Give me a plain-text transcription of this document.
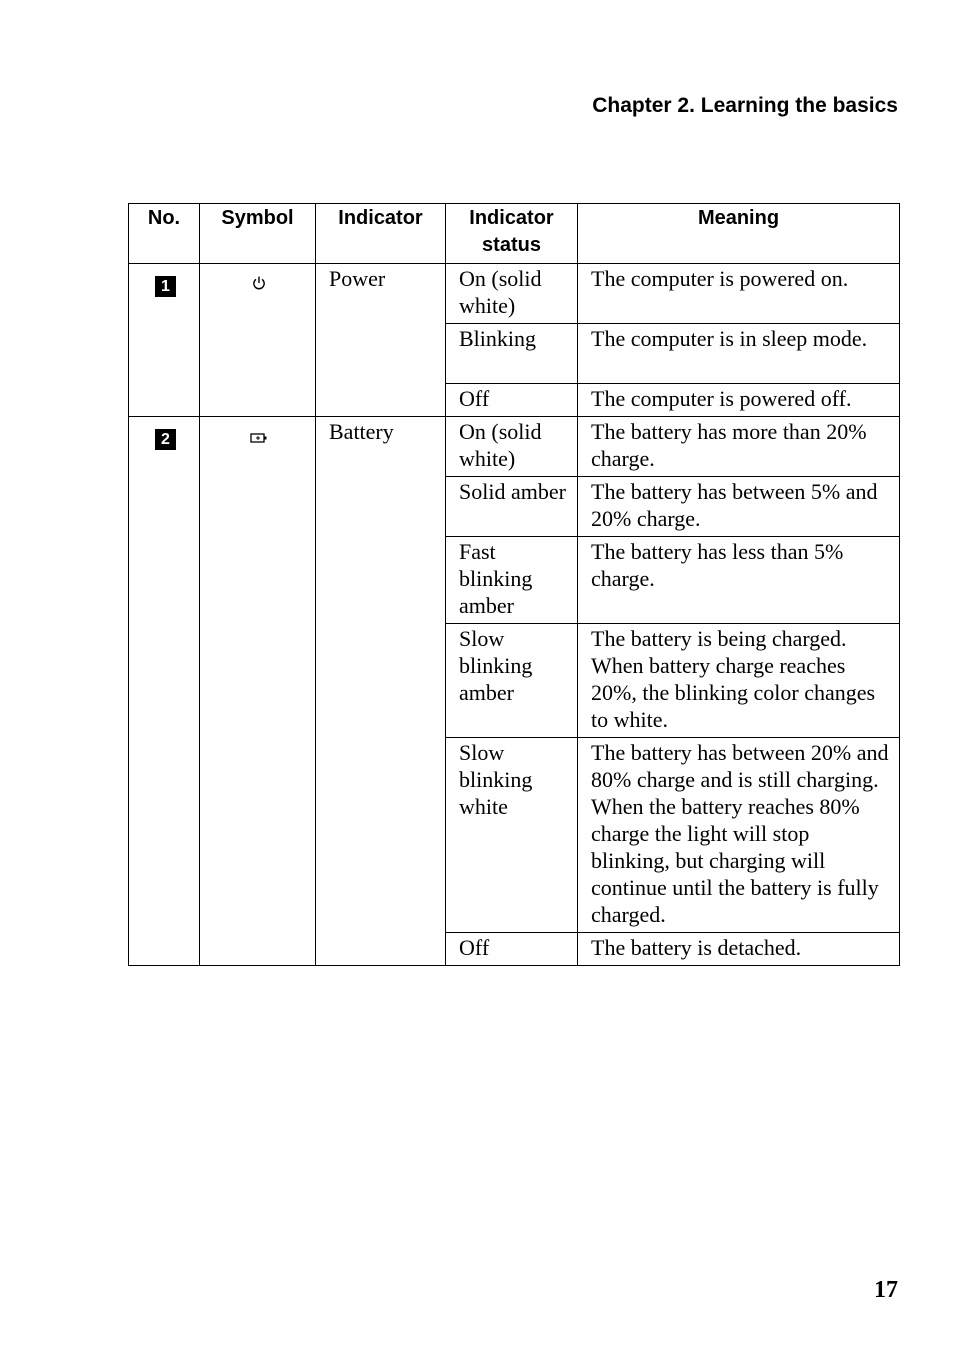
Chapter 2. Learning the basics
No.	Symbol	Indicator	Indicator status	Meaning
1		Power	On (solid white)	The computer is powered on.
			Blinking	The computer is in sleep mode.
			Off	The computer is powered off.
2		Battery	On (solid white)	The battery has more than 20% charge.
			Solid amber	The battery has between 5% and 20% charge.
			Fast blinking amber	The battery has less than 5% charge.
			Slow blinking amber	The battery is being charged. When battery charge reaches 20%, the blinking color changes to white.
			Slow blinking white	The battery has between 20% and 80% charge and is still charging. When the battery reaches 80% charge the light will stop blinking, but charging will continue until the battery is fully charged.
			Off	The battery is detached.
17
